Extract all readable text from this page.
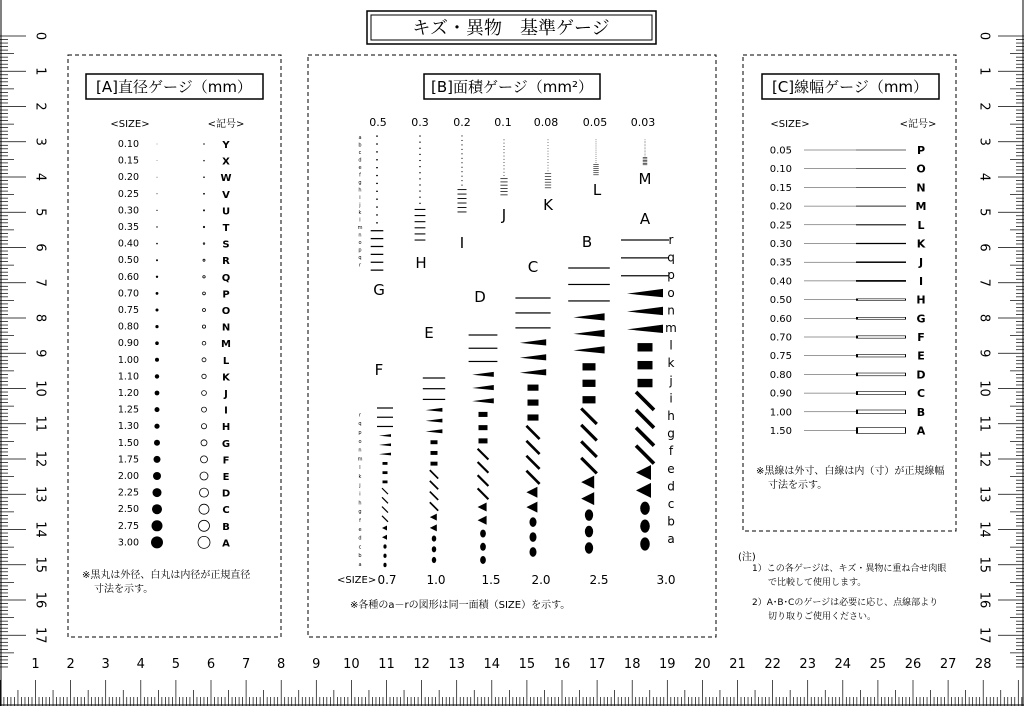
0
1
2
3
4
5
6
7
8
9
10
11
12
13
14
15
16
17
0
1
2
3
4
5
6
7
8
9
10
11
12
13
14
15
16
17
1 2 3 4 5 6 7 8 9 10 11 12 13 14 15 16 17 18 19 20 21 22 23 24 25 26 27 28
キズ・異物　基準ゲージ
[A]直径ゲージ（mm）
<SIZE>	<記号>
0.10	Y
0.15	X
0.20	W
0.25	V
0.30	U
0.35	T
0.40	S
0.50	R
0.60	Q
0.70	P
0.75	O
0.80	N
0.90	M
1.00	L
1.10	K
1.20	J
1.25	I
1.30	H
1.50	G
1.75	F
2.00	E
2.25	D
2.50	C
2.75	B
3.00	A
※黒丸は外径、白丸は内径が正規直径
寸法を示す。
[B]面積ゲージ（mm²）
0.5 0.3 0.2 0.1 0.08 0.05 0.03
0.7 1.0	1.5	2.0	2.5	3.0
<SIZE>
M
L
K
J
I
H
G
F
E
D
C
B
A
r
q
p
o
n
m
l
k
j
i
h
g
f
e
d
c
b
a
a
a
b
b
c
c
d
d
e
e
f
f
g
g
h
h
i
i
j
j
k
k
l
l
m
m
n
n
o
o
p
p
q
q
r
r
※各種のa－rの図形は同一面積（SIZE）を示す。
[C]線幅ゲージ（mm）
<SIZE>	<記号>
0.05	P
0.10	O
0.15	N
0.20	M
0.25	L
0.30	K
0.35	J
0.40	I
0.50	H
0.60	G
0.70	F
0.75	E
0.80	D
0.90	C
1.00	B
1.50	A
※黒線は外寸、白線は内（寸）が正規線幅
寸法を示す。
(注)
1）この各ゲージは、キズ・異物に重ね合せ肉眼
で比較して使用します。
2）A･B･Cのゲージは必要に応じ、点線部より
切り取りご使用ください。
